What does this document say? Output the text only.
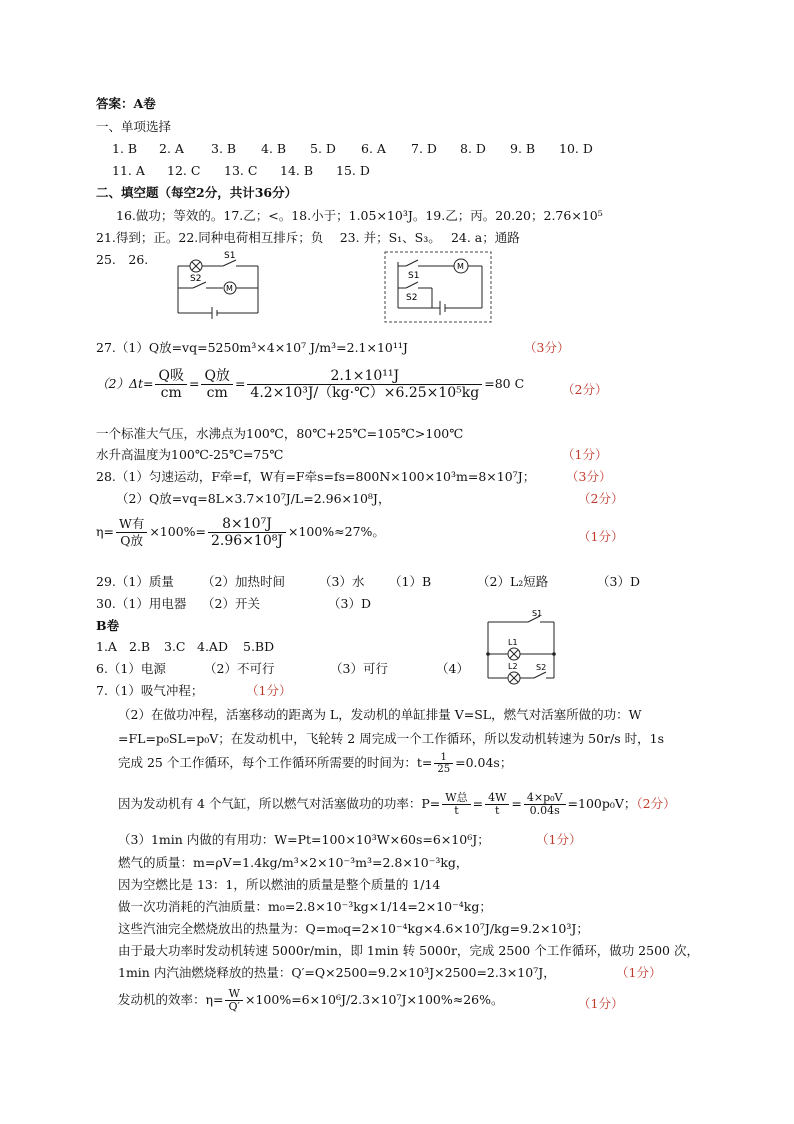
答案：A卷
一、单项选择
1. B 2. A 3. B 4. B 5. D 6. A 7. D 8. D 9. B 10. D
11. A 12. C 13. C 14. B 15. D
二、填空题（每空2分，共计36分）
16.做功；等效的。17.乙；<。18.小于；1.05×10³J。19.乙；丙。20.20；2.76×10⁵
21.得到；正。22.同种电荷相互排斥；负　 23. 并；S₁、S₃。　 24. a；通路
25.　26.	S1
S2
M
S1
S2
M
27.（1）Q放=vq=5250m³×4×10⁷ J/m³=2.1×10¹¹J	（3分）
$(2)\Delta t= \frac{\text{Q吸}}{cm} = \frac{\text{Q放}}{cm} = \frac{\text{2.1×10¹¹J}}{\text{4.2×10³J/（kg·℃）×6.25×10⁵kg}} =80$ C	（2分）
一个标准大气压，水沸点为100℃，80℃+25℃=105℃>100℃
水升高温度为100℃-25℃=75℃	（1分）
28.（1）匀速运动，F牵=f，W有=F牵s=fs=800N×100×10³m=8×10⁷J； （3分）
（2）Q放=vq=8L×3.7×10⁷J/L=2.96×10⁸J，	（2分）
$\eta= \frac{\text{W有}}{\text{Q放}} \times 100\%= \frac{\text{8×10⁷J}}{\text{2.96×10⁸J}} \times 100\%\approx 27\%$。	（1分）
29.（1）质量 （2）加热时间	（3）水 （1）B	（2）L₂短路	（3）D
30.（1）用电器 （2）开关	（3）D
B卷
1.A 2.B 3.C 4.AD 5.BD
6.（1）电源	（2）不可行	（3）可行	（4）
S1
L1
L2 S2
7.（1）吸气冲程；	（1分）
（2）在做功冲程，活塞移动的距离为 L，发动机的单缸排量 V=SL，燃气对活塞所做的功：W
=FL=p₀SL=p₀V；在发动机中，飞轮转 2 周完成一个工作循环，所以发动机转速为 50r/s 时，1s
完成 25 个工作循环，每个工作循环所需要的时间为：$t= \frac{1}{25} =0.04s$；
因为发动机有 4 个气缸，所以燃气对活塞做功的功率：$P= \frac{\text{W总}}{t} = \frac{4W}{t} = \frac{\text{4×p₀V}}{0.04s} =100p_0V$；（2分）
（3）1min 内做的有用功：W=Pt=100×10³W×60s=6×10⁶J；	（1分）
燃气的质量：m=ρV=1.4kg/m³×2×10⁻³m³=2.8×10⁻³kg，
因为空燃比是 13：1，所以燃油的质量是整个质量的 1/14
做一次功消耗的汽油质量：m₀=2.8×10⁻³kg×1/14=2×10⁻⁴kg；
这些汽油完全燃烧放出的热量为：Q=m₀q=2×10⁻⁴kg×4.6×10⁷J/kg=9.2×10³J；
由于最大功率时发动机转速 5000r/min，即 1min 转 5000r，完成 2500 个工作循环，做功 2500 次，
1min 内汽油燃烧释放的热量：Q′=Q×2500=9.2×10³J×2500=2.3×10⁷J，	（1分）
发动机的效率：$\eta= \frac{W}{Q'} \times 100\%=6\times 10^6J/2.3\times 10^7J\times 100\%\approx 26\%$。	（1分）
